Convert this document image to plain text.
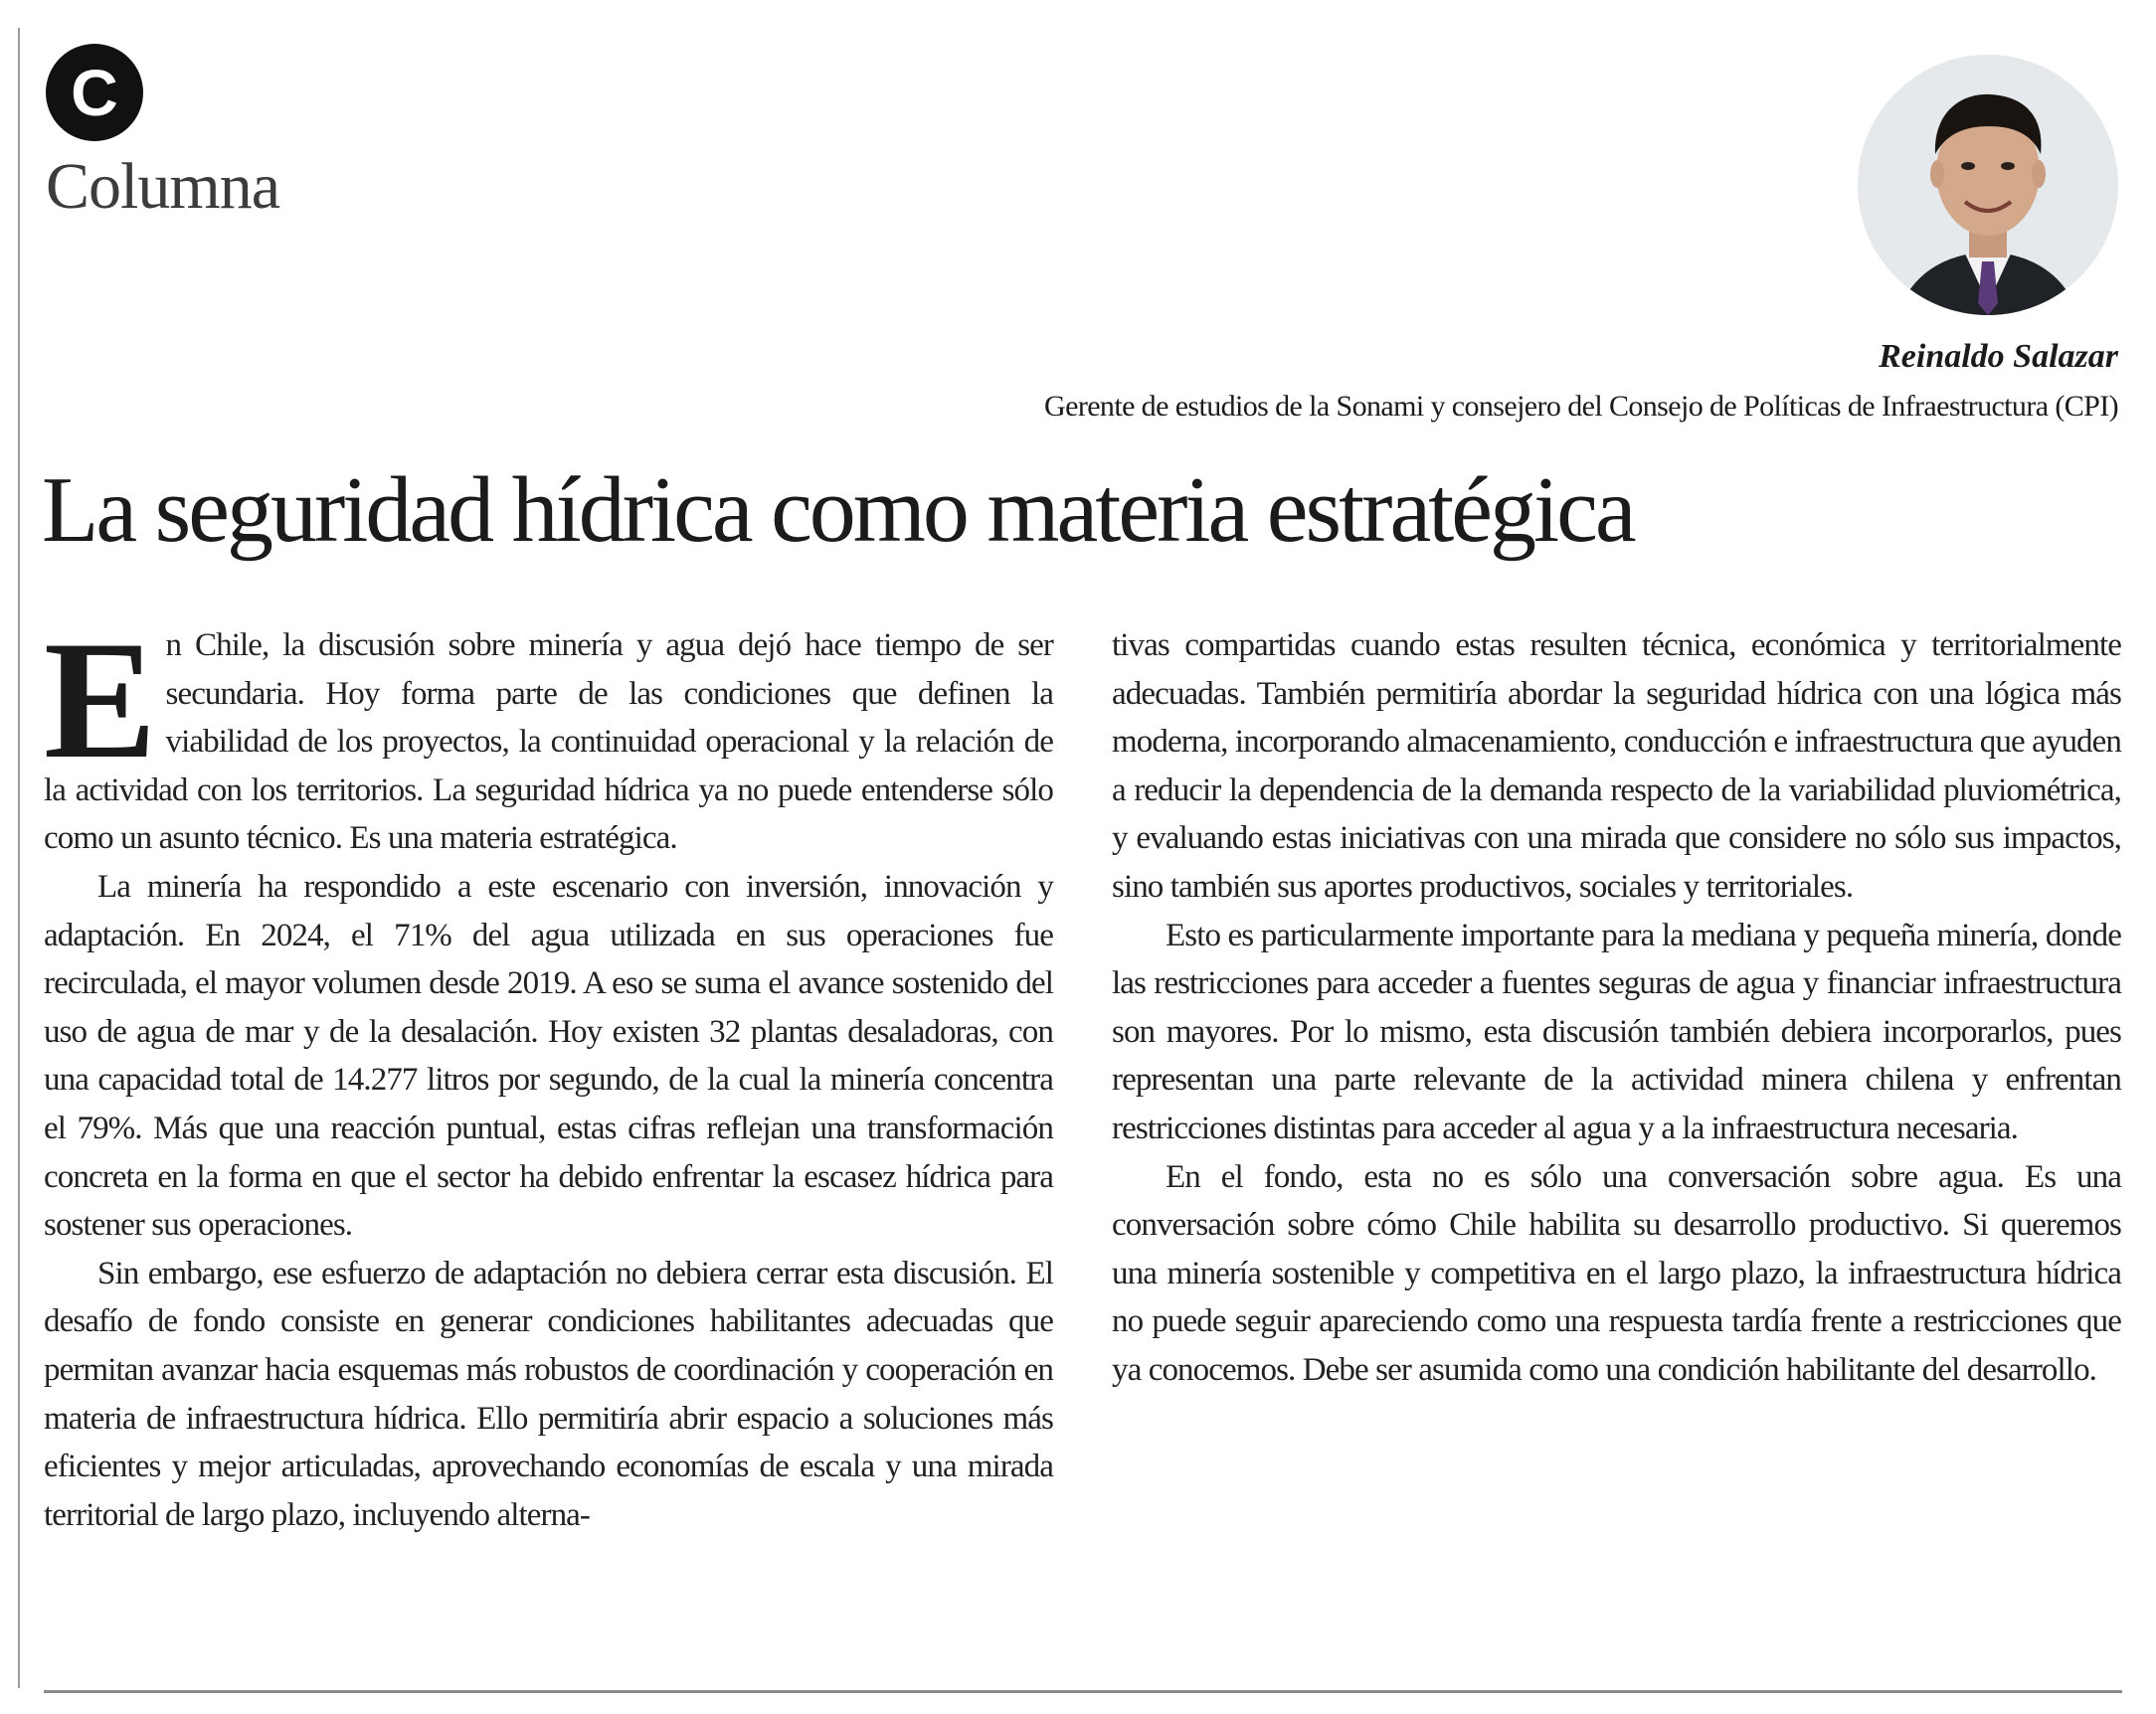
C
Columna
Reinaldo Salazar
Gerente de estudios de la Sonami y consejero del Consejo de Políticas de Infraestructura (CPI)
La seguridad hídrica como materia estratégica

En Chile, la discusión sobre minería y agua dejó hace tiempo de ser secundaria. Hoy forma parte de las condiciones que definen la viabilidad de los proyectos, la continuidad operacional y la relación de la actividad con los territorios. La seguridad hídrica ya no puede entenderse sólo como un asunto técnico. Es una materia estratégica.

La minería ha respondido a este escenario con inversión, innovación y adaptación. En 2024, el 71% del agua utilizada en sus operaciones fue recirculada, el mayor volumen desde 2019. A eso se suma el avance sostenido del uso de agua de mar y de la desalación. Hoy existen 32 plantas desaladoras, con una capacidad total de 14.277 litros por segundo, de la cual la minería concentra el 79%. Más que una reacción puntual, estas cifras reflejan una transformación concreta en la forma en que el sector ha debido enfrentar la escasez hídrica para sostener sus operaciones.

Sin embargo, ese esfuerzo de adaptación no debiera cerrar esta discusión. El desafío de fondo consiste en generar condiciones habilitantes adecuadas que permitan avanzar hacia esquemas más robustos de coordinación y cooperación en materia de infraestructura hídrica. Ello permitiría abrir espacio a soluciones más eficientes y mejor articuladas, aprovechando economías de escala y una mirada territorial de largo plazo, incluyendo alterna-

tivas compartidas cuando estas resulten técnica, económica y territorialmente adecuadas. También permitiría abordar la seguridad hídrica con una lógica más moderna, incorporando almacenamiento, conducción e infraestructura que ayuden a reducir la dependencia de la demanda respecto de la variabilidad pluviométrica, y evaluando estas iniciativas con una mirada que considere no sólo sus impactos, sino también sus aportes productivos, sociales y territoriales.

Esto es particularmente importante para la mediana y pequeña minería, donde las restricciones para acceder a fuentes seguras de agua y financiar infraestructura son mayores. Por lo mismo, esta discusión también debiera incorporarlos, pues representan una parte relevante de la actividad minera chilena y enfrentan restricciones distintas para acceder al agua y a la infraestructura necesaria.

En el fondo, esta no es sólo una conversación sobre agua. Es una conversación sobre cómo Chile habilita su desarrollo productivo. Si queremos una minería sostenible y competitiva en el largo plazo, la infraestructura hídrica no puede seguir apareciendo como una respuesta tardía frente a restricciones que ya conocemos. Debe ser asumida como una condición habilitante del desarrollo.
